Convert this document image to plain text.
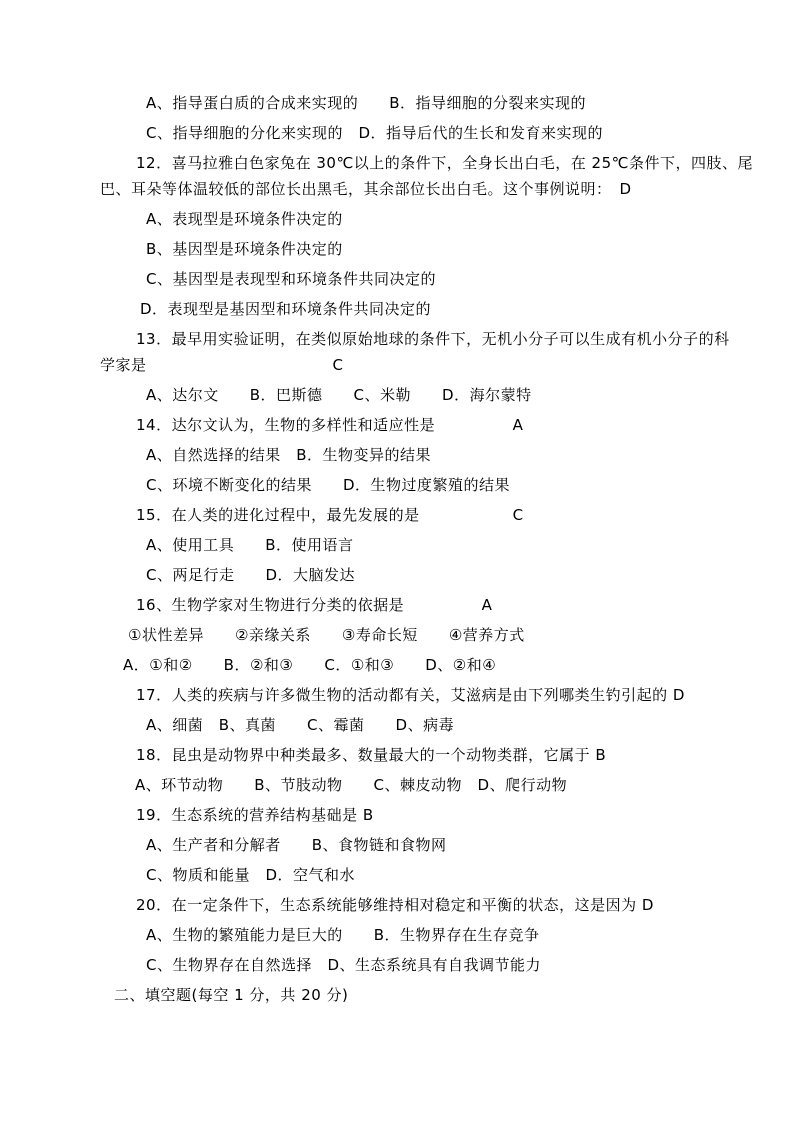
A、指导蛋白质的合成来实现的　　B．指导细胞的分裂来实现的
C、指导细胞的分化来实现的　D．指导后代的生长和发育来实现的
12．喜马拉雅白色家兔在 30℃以上的条件下，全身长出白毛，在 25℃条件下，四肢、尾
巴、耳朵等体温较低的部位长出黑毛，其余部位长出白毛。这个事例说明：　D
A、表现型是环境条件决定的
B、基因型是环境条件决定的
C、基因型是表现型和环境条件共同决定的
D．表现型是基因型和环境条件共同决定的
13．最早用实验证明，在类似原始地球的条件下，无机小分子可以生成有机小分子的科
学家是　　　　　　　　　　　　C
A、达尔文　　B．巴斯德　　C、米勒　　D．海尔蒙特
14．达尔文认为，生物的多样性和适应性是　　　　　A
A、自然选择的结果　B．生物变异的结果
C、环境不断变化的结果　　D．生物过度繁殖的结果
15．在人类的进化过程中，最先发展的是　　　　　　C
A、使用工具　　B．使用语言
C、两足行走　　D．大脑发达
16、生物学家对生物进行分类的依据是　　　　　A
①状性差异　　②亲缘关系　　③寿命长短　　④营养方式
A．①和②　　B．②和③　　C．①和③　　D、②和④
17．人类的疾病与许多微生物的活动都有关，艾滋病是由下列哪类生钓引起的 D
A、细菌　B、真菌　　C、霉菌　　D、病毒
18．昆虫是动物界中种类最多、数量最大的一个动物类群，它属于 B
A、环节动物　　B、节肢动物　　C、棘皮动物　D、爬行动物
19．生态系统的营养结构基础是 B
A、生产者和分解者　　B、食物链和食物网
C、物质和能量　D．空气和水
20．在一定条件下，生态系统能够维持相对稳定和平衡的状态，这是因为 D
A、生物的繁殖能力是巨大的　　B．生物界存在生存竞争
C、生物界存在自然选择　D、生态系统具有自我调节能力
二、填空题(每空 1 分，共 20 分)
